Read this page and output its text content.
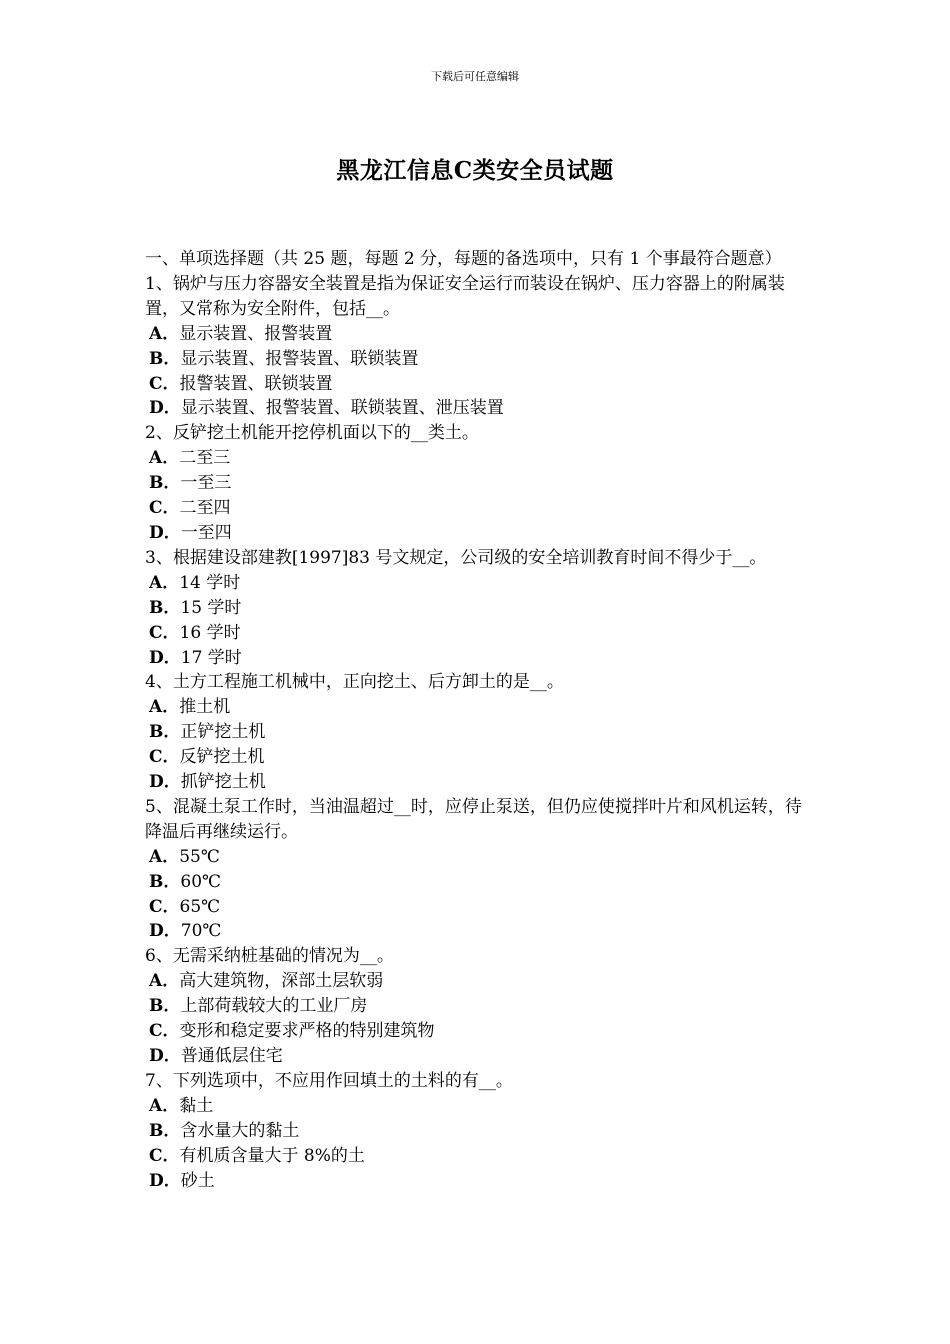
下载后可任意编辑
黑龙江信息C类安全员试题
一、单项选择题（共 25 题，每题 2 分，每题的备选项中，只有 1 个事最符合题意）
1、锅炉与压力容器安全装置是指为保证安全运行而装设在锅炉、压力容器上的附属装置，又常称为安全附件，包括__。
A．显示装置、报警装置
B．显示装置、报警装置、联锁装置
C．报警装置、联锁装置
D．显示装置、报警装置、联锁装置、泄压装置
2、反铲挖土机能开挖停机面以下的__类土。
A．二至三
B．一至三
C．二至四
D．一至四
3、根据建设部建教[1997]83 号文规定，公司级的安全培训教育时间不得少于__。
A．14 学时
B．15 学时
C．16 学时
D．17 学时
4、土方工程施工机械中，正向挖土、后方卸土的是__。
A．推土机
B．正铲挖土机
C．反铲挖土机
D．抓铲挖土机
5、混凝土泵工作时，当油温超过__时，应停止泵送，但仍应使搅拌叶片和风机运转，待降温后再继续运行。
A．55℃
B．60℃
C．65℃
D．70℃
6、无需采纳桩基础的情况为__。
A．高大建筑物，深部土层软弱
B．上部荷载较大的工业厂房
C．变形和稳定要求严格的特别建筑物
D．普通低层住宅
7、下列选项中，不应用作回填土的土料的有__。
A．黏土
B．含水量大的黏土
C．有机质含量大于 8%的土
D．砂土
